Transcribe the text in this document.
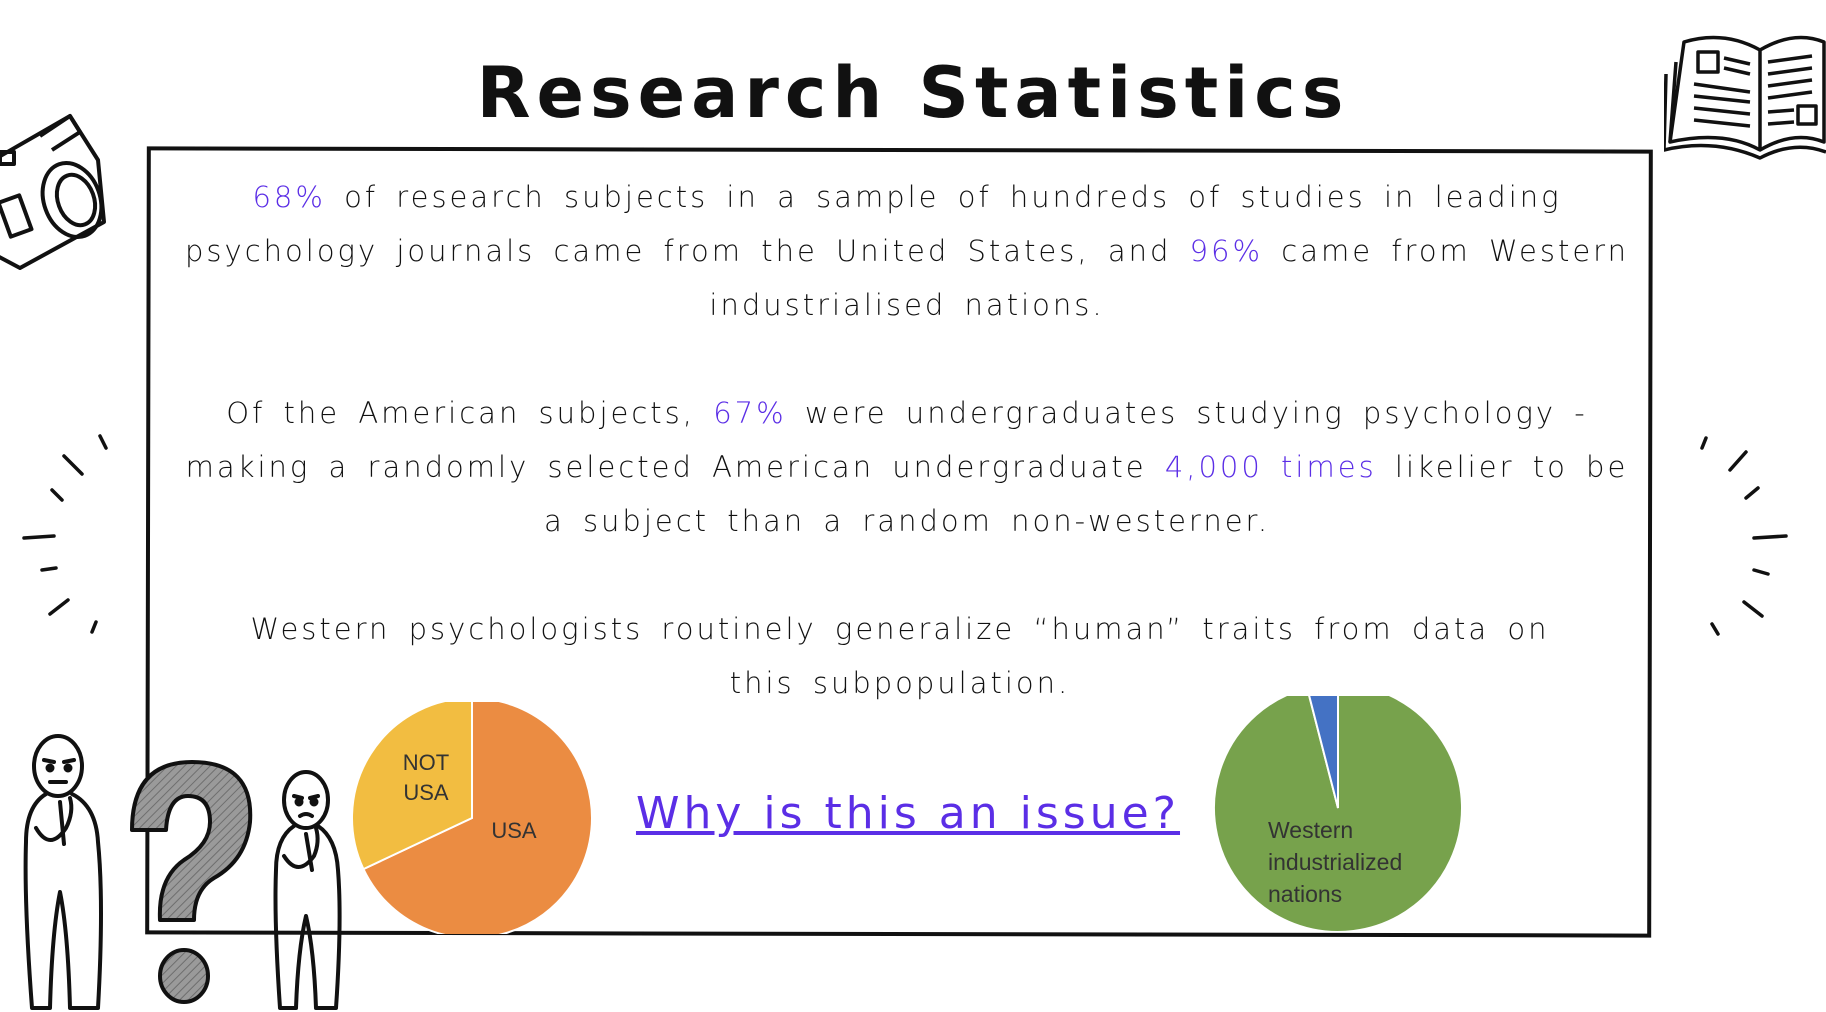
Research Statistics
68% of research subjects in a sample of hundreds of studies in leading psychology journals came from the United States, and 96% came from Western industrialised nations.
Of the American subjects, 67% were undergraduates studying psychology - making a randomly selected American undergraduate 4,000 times likelier to be a subject than a random non-westerner.
Western psychologists routinely generalize “human” traits from data on this subpopulation.
Why is this an issue?
NOT
USA
USA	Western
industrialized
nations
